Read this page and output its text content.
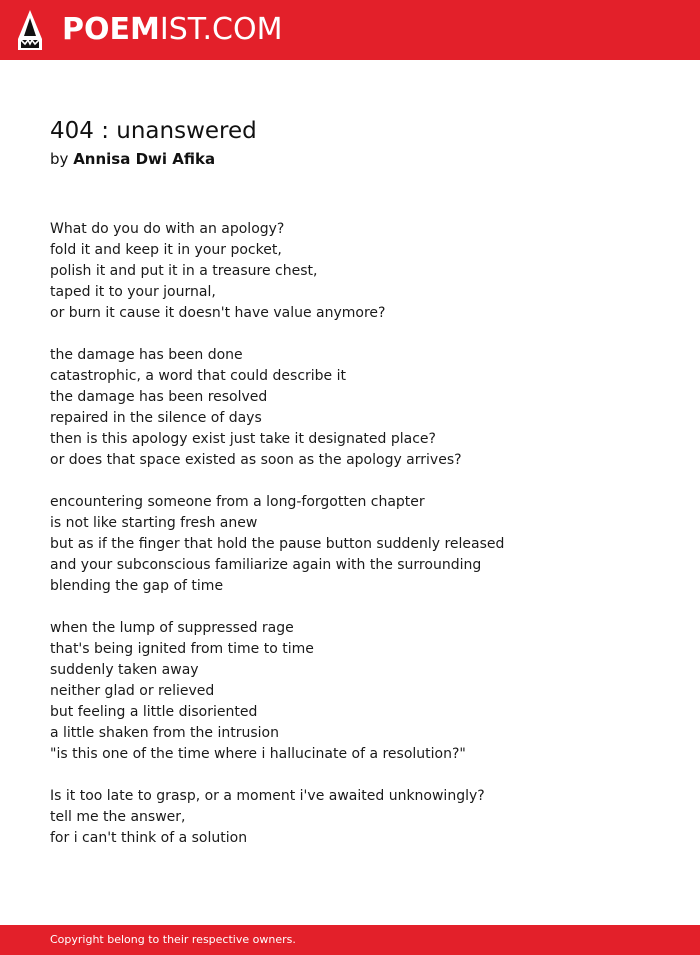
POEMIST.COM
404 : unanswered
by Annisa Dwi Afika
What do you do with an apology?
fold it and keep it in your pocket,
polish it and put it in a treasure chest,
taped it to your journal,
or burn it cause it doesn't have value anymore?
the damage has been done
catastrophic, a word that could describe it
the damage has been resolved
repaired in the silence of days
then is this apology exist just take it designated place?
or does that space existed as soon as the apology arrives?
encountering someone from a long-forgotten chapter
is not like starting fresh anew
but as if the finger that hold the pause button suddenly released
and your subconscious familiarize again with the surrounding
blending the gap of time
when the lump of suppressed rage
that's being ignited from time to time
suddenly taken away
neither glad or relieved
but feeling a little disoriented
a little shaken from the intrusion
"is this one of the time where i hallucinate of a resolution?"
Is it too late to grasp, or a moment i've awaited unknowingly?
tell me the answer,
for i can't think of a solution
Copyright belong to their respective owners.
